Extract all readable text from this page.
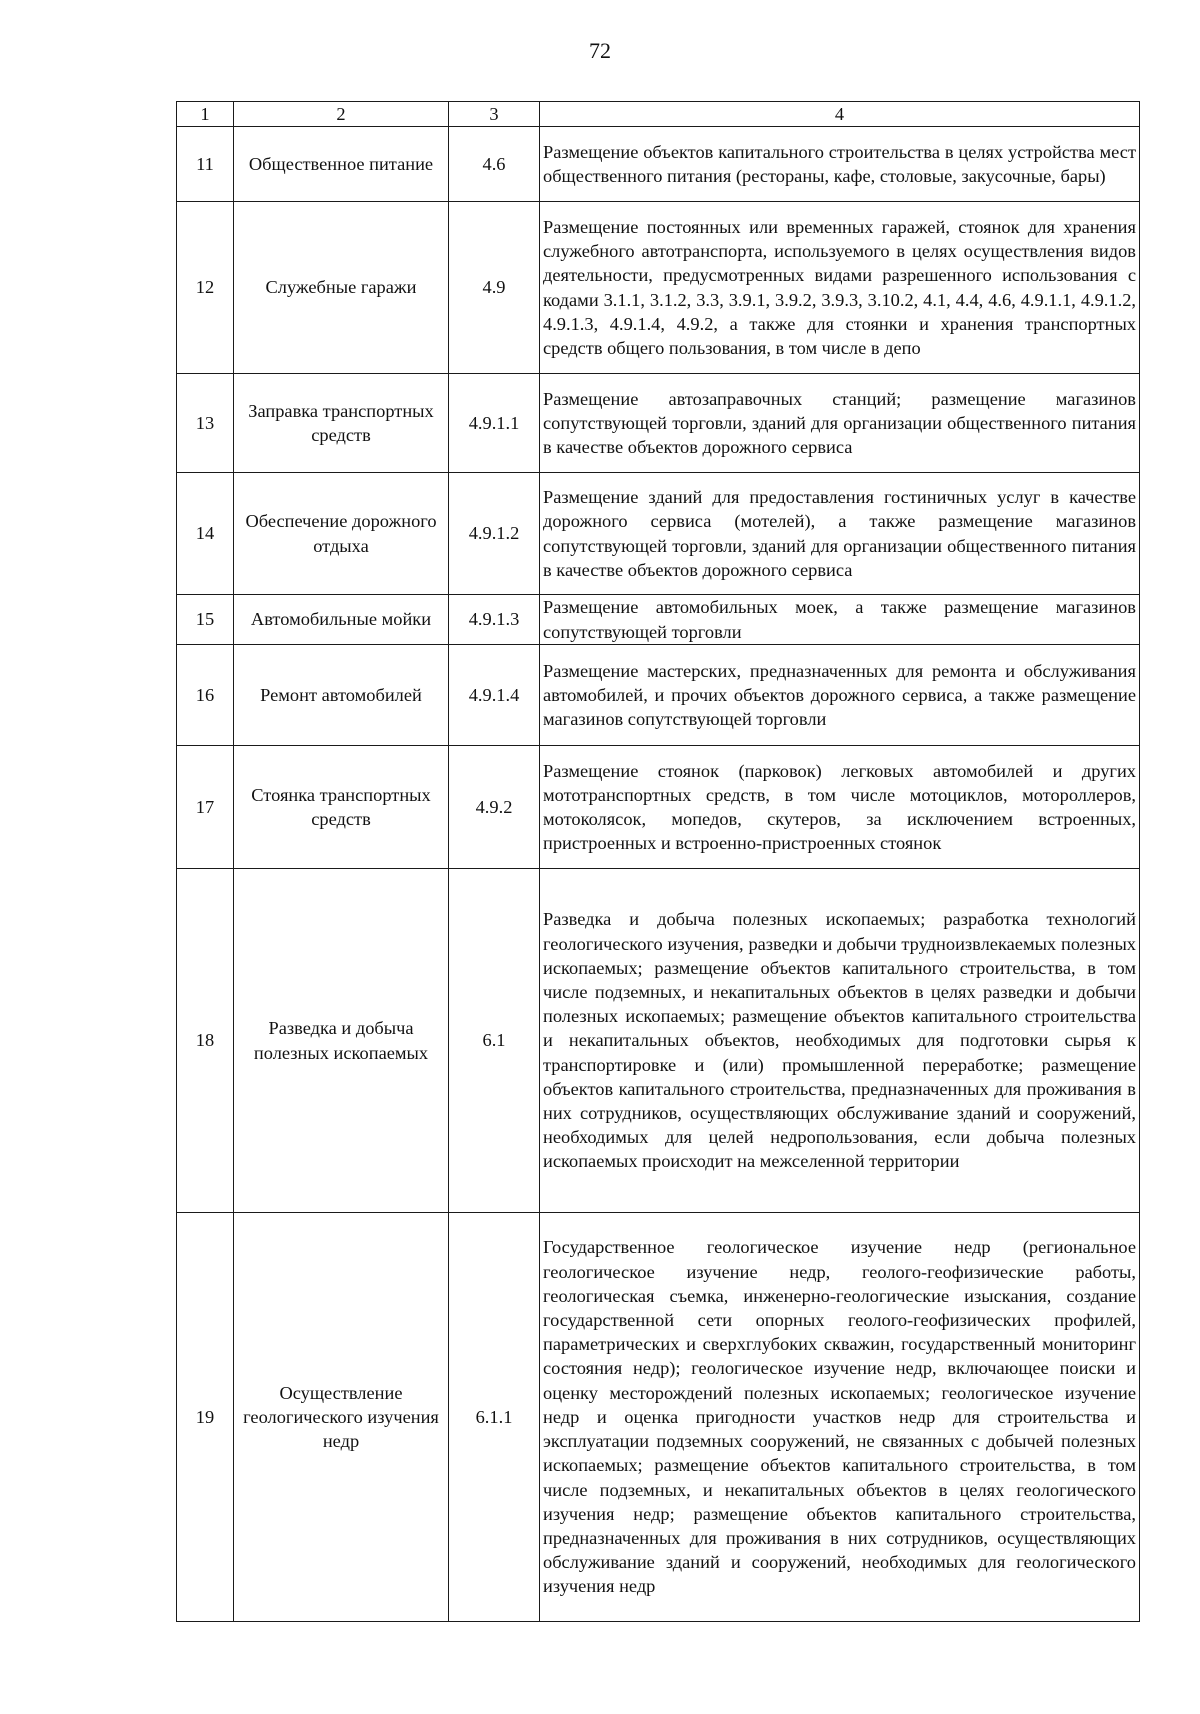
72
1	2	3	4
11	Общественное питание	4.6	Размещение объектов капитального строительства в целях устройства мест общественного питания (рестораны, кафе, столовые, закусочные, бары)

12	Служебные гаражи	4.9	Размещение постоянных или временных гаражей, стоянок для хранения служебного автотранспорта, используемого в целях осуществления видов деятельности, предусмотренных видами разрешенного использования с кодами 3.1.1, 3.1.2, 3.3, 3.9.1, 3.9.2, 3.9.3, 3.10.2, 4.1, 4.4, 4.6, 4.9.1.1, 4.9.1.2, 4.9.1.3, 4.9.1.4, 4.9.2, а также для стоянки и хранения транспортных средств общего пользования, в том числе в депо

13	Заправка транспортных средств	4.9.1.1	Размещение автозаправочных станций; размещение магазинов сопутствующей торговли, зданий для организации общественного питания в качестве объектов дорожного сервиса

14	Обеспечение дорожного отдыха	4.9.1.2	Размещение зданий для предоставления гостиничных услуг в качестве дорожного сервиса (мотелей), а также размещение магазинов сопутствующей торговли, зданий для организации общественного питания в качестве объектов дорожного сервиса

15	Автомобильные мойки	4.9.1.3	Размещение автомобильных моек, а также размещение магазинов сопутствующей торговли

16	Ремонт автомобилей	4.9.1.4	Размещение мастерских, предназначенных для ремонта и обслуживания автомобилей, и прочих объектов дорожного сервиса, а также размещение магазинов сопутствующей торговли

17	Стоянка транспортных средств	4.9.2	Размещение стоянок (парковок) легковых автомобилей и других мототранспортных средств, в том числе мотоциклов, мотороллеров, мотоколясок, мопедов, скутеров, за исключением встроенных, пристроенных и встроенно-пристроенных стоянок

18	Разведка и добыча полезных ископаемых	6.1	Разведка и добыча полезных ископаемых; разработка технологий геологического изучения, разведки и добычи трудноизвлекаемых полезных ископаемых; размещение объектов капитального строительства, в том числе подземных, и некапитальных объектов в целях разведки и добычи полезных ископаемых; размещение объектов капитального строительства и некапитальных объектов, необходимых для подготовки сырья к транспортировке и (или) промышленной переработке; размещение объектов капитального строительства, предназначенных для проживания в них сотрудников, осуществляющих обслуживание зданий и сооружений, необходимых для целей недропользования, если добыча полезных ископаемых происходит на межселенной территории

19	Осуществление геологического изучения недр	6.1.1	Государственное геологическое изучение недр (региональное геологическое изучение недр, геолого-геофизические работы, геологическая съемка, инженерно-геологические изыскания, создание государственной сети опорных геолого-геофизических профилей, параметрических и сверхглубоких скважин, государственный мониторинг состояния недр); геологическое изучение недр, включающее поиски и оценку месторождений полезных ископаемых; геологическое изучение недр и оценка пригодности участков недр для строительства и эксплуатации подземных сооружений, не связанных с добычей полезных ископаемых; размещение объектов капитального строительства, в том числе подземных, и некапитальных объектов в целях геологического изучения недр; размещение объектов капитального строительства, предназначенных для проживания в них сотрудников, осуществляющих обслуживание зданий и сооружений, необходимых для геологического изучения недр
